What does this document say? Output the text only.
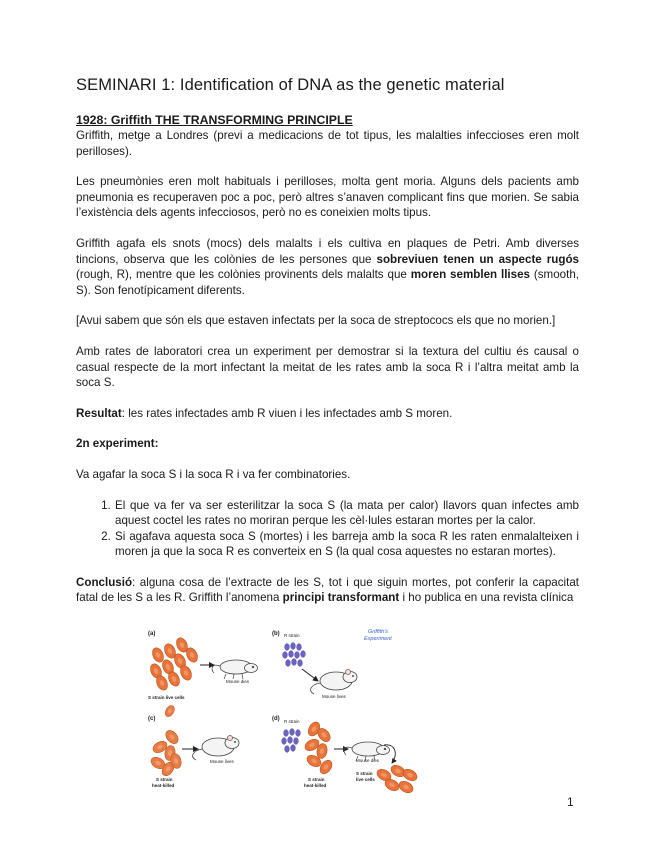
SEMINARI 1: Identification of DNA as the genetic material
1928: Griffith THE TRANSFORMING PRINCIPLE

Griffith, metge a Londres (previ a medicacions de tot tipus, les malalties infeccioses eren molt perilloses).

Les pneumònies eren molt habituals i perilloses, molta gent moria. Alguns dels pacients amb pneumonia es recuperaven poc a poc, però altres s’anaven complicant fins que morien. Se sabia l’existència dels agents infecciosos, però no es coneixien molts tipus.

Griffith agafa els snots (mocs) dels malalts i els cultiva en plaques de Petri. Amb diverses tincions, observa que les colònies de les persones que sobreviuen tenen un aspecte rugós (rough, R), mentre que les colònies provinents dels malalts que moren semblen llises (smooth, S). Son fenotípicament diferents.

[Avui sabem que són els que estaven infectats per la soca de streptococs els que no morien.]

Amb rates de laboratori crea un experiment per demostrar si la textura del cultiu és causal o casual respecte de la mort infectant la meitat de les rates amb la soca R i l’altra meitat amb la soca S.

Resultat: les rates infectades amb R viuen i les infectades amb S moren.

2n experiment:

Va agafar la soca S i la soca R i va fer combinatories.

1. El que va fer va ser esterilitzar la soca S (la mata per calor) llavors quan infectes amb aquest coctel les rates no moriran perque les cèl·lules estaran mortes per la calor.
2. Si agafava aquesta soca S (mortes) i les barreja amb la soca R les raten enmalalteixen i moren ja que la soca R es converteix en S (la qual cosa aquestes no estaran mortes).

Conclusió: alguna cosa de l’extracte de les S, tot i que siguin mortes, pot conferir la capacitat fatal de les S a les R. Griffith l’anomena principi transformant i ho publica en una revista clínica

(a)
Mouse dies
S strain live cells
(b) R strain
Mouse lives
Griffith's
Experiment
(c)
Mouse lives
S strain
heat-killed
(d) R strain
Mouse dies
S strain
heat-killed
S strain
live cells
1
